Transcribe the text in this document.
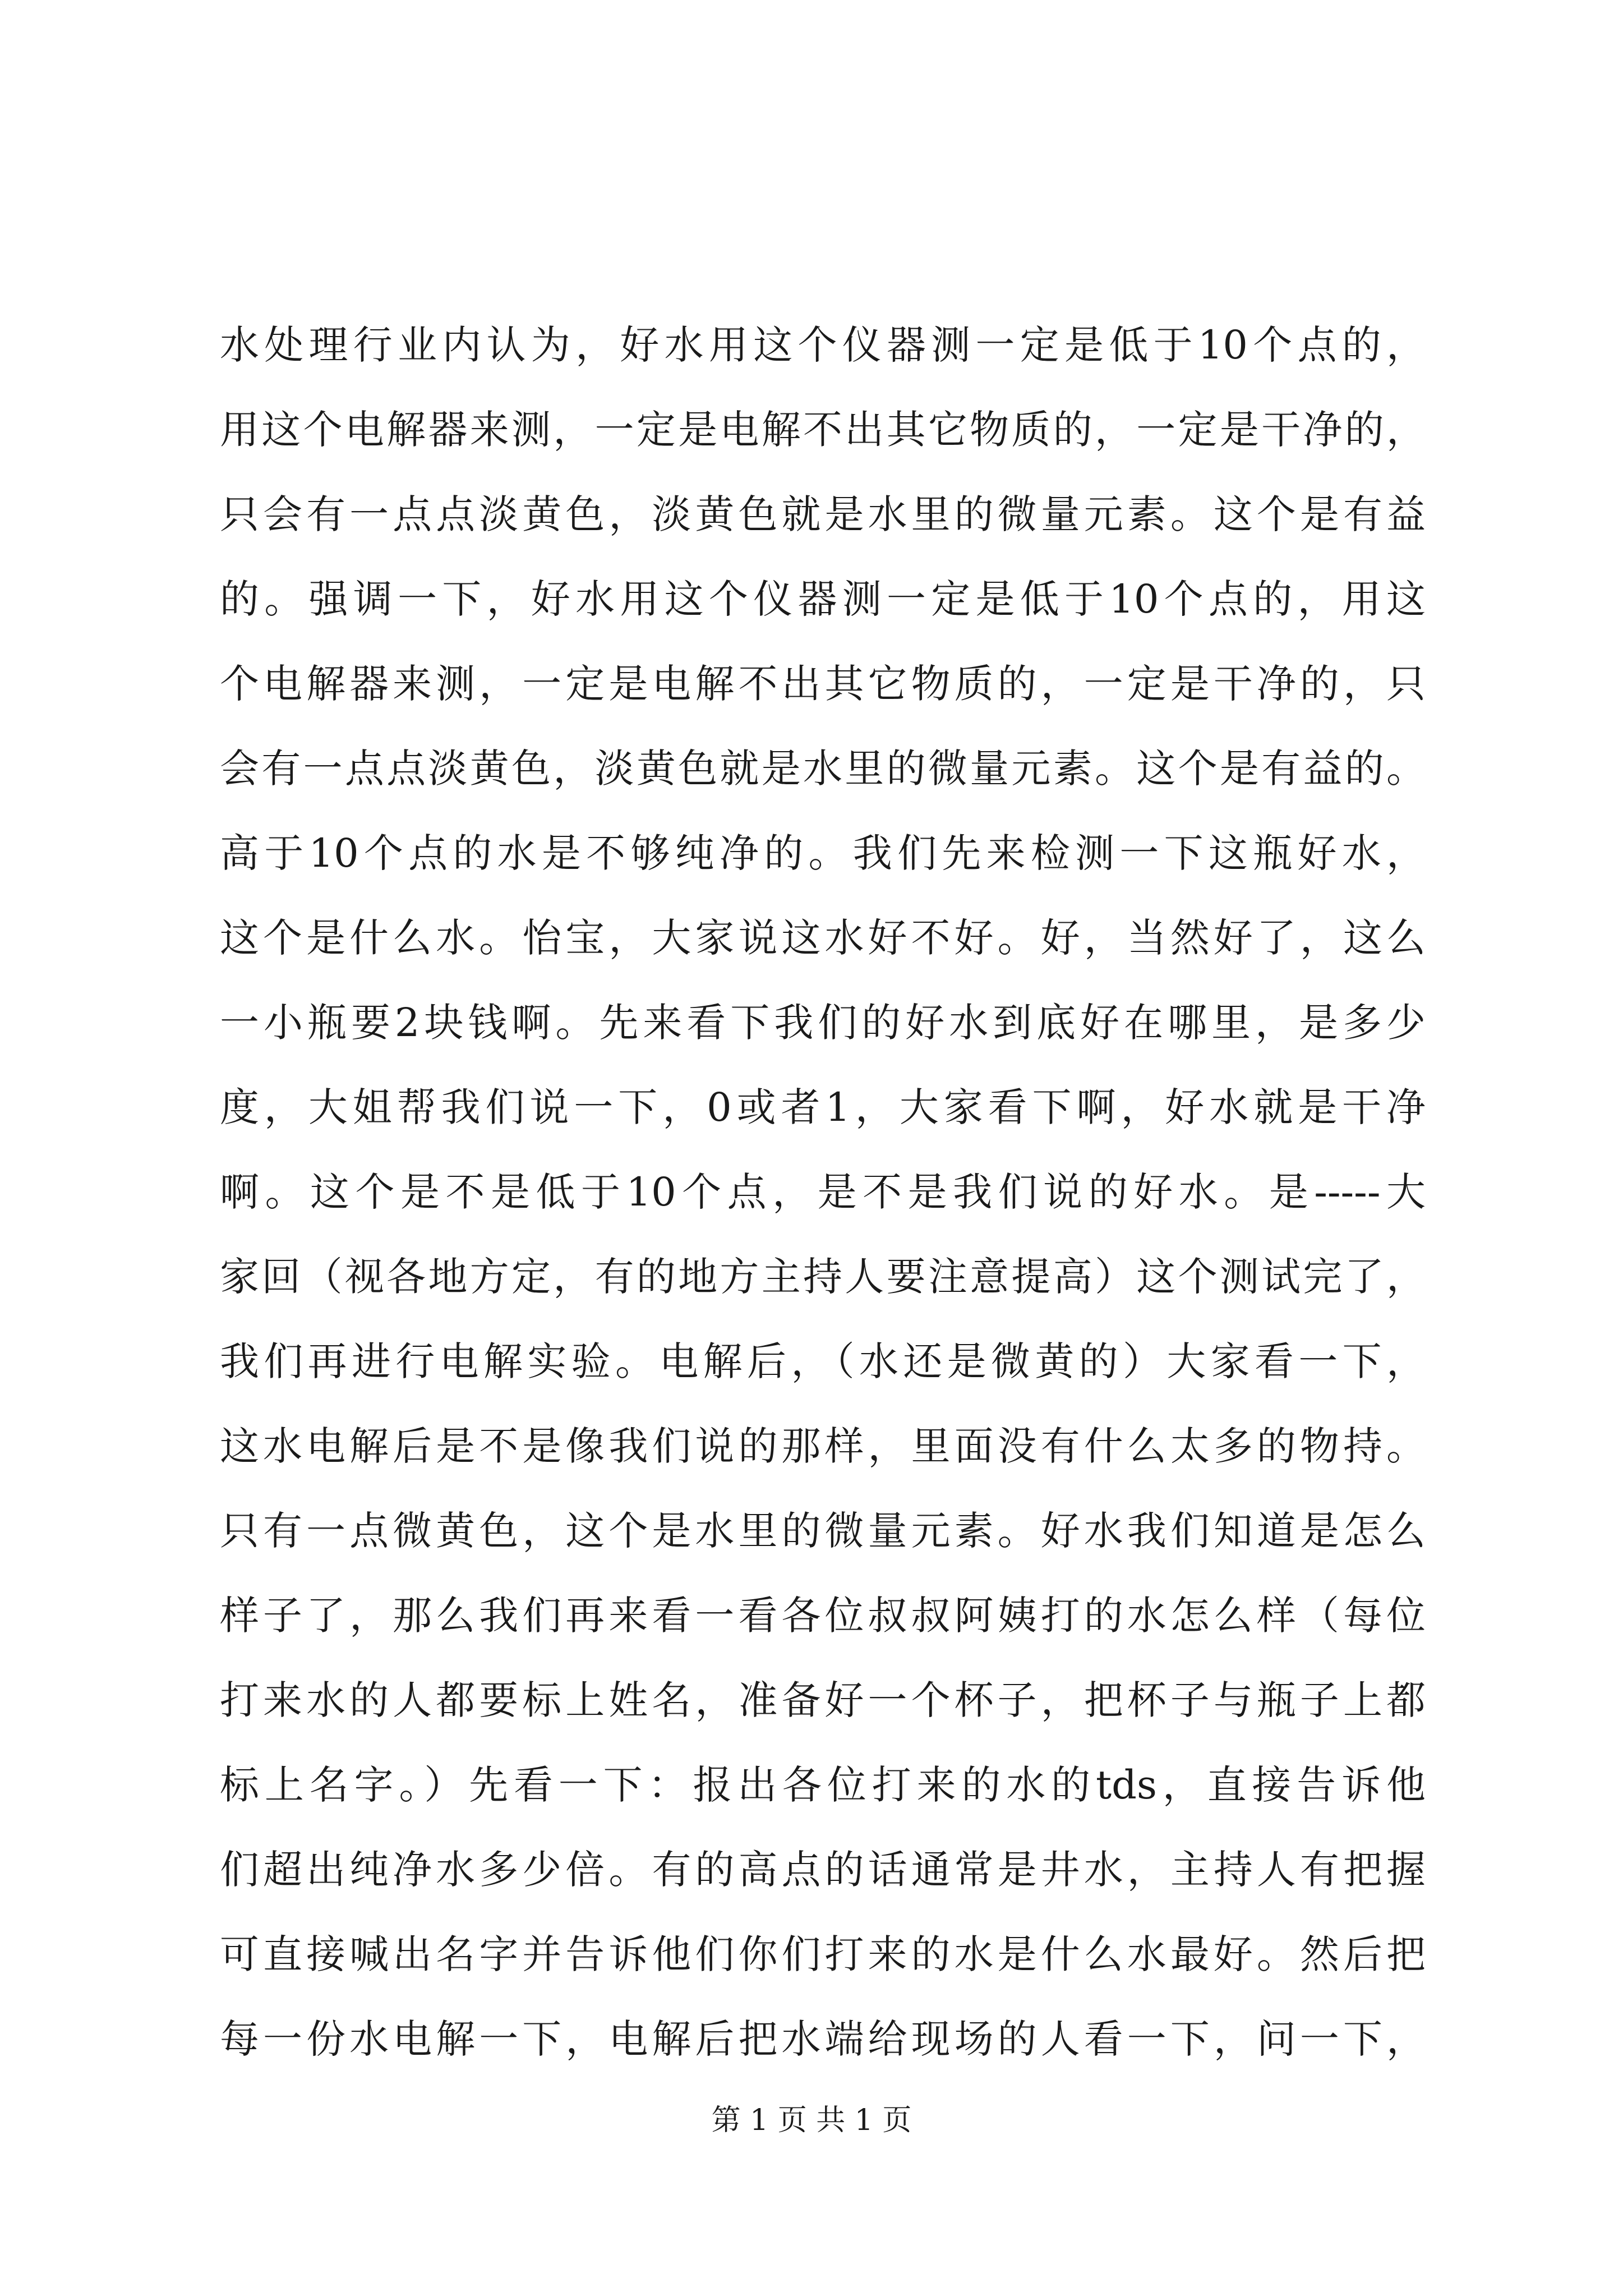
水处理行业内认为，好水用这个仪器测一定是低于10个点的，
用这个电解器来测，一定是电解不出其它物质的，一定是干净的，
只会有一点点淡黄色，淡黄色就是水里的微量元素。这个是有益
的。强调一下，好水用这个仪器测一定是低于10个点的，用这
个电解器来测，一定是电解不出其它物质的，一定是干净的，只
会有一点点淡黄色，淡黄色就是水里的微量元素。这个是有益的。
高于10个点的水是不够纯净的。我们先来检测一下这瓶好水，
这个是什么水。怡宝，大家说这水好不好。好，当然好了，这么
一小瓶要2块钱啊。先来看下我们的好水到底好在哪里，是多少
度，大姐帮我们说一下，0或者1，大家看下啊，好水就是干净
啊。这个是不是低于10个点，是不是我们说的好水。是-----大
家回（视各地方定，有的地方主持人要注意提高）这个测试完了，
我们再进行电解实验。电解后，（水还是微黄的）大家看一下，
这水电解后是不是像我们说的那样，里面没有什么太多的物持。
只有一点微黄色，这个是水里的微量元素。好水我们知道是怎么
样子了，那么我们再来看一看各位叔叔阿姨打的水怎么样（每位
打来水的人都要标上姓名，准备好一个杯子，把杯子与瓶子上都
标上名字。）先看一下：报出各位打来的水的tds，直接告诉他
们超出纯净水多少倍。有的高点的话通常是井水，主持人有把握
可直接喊出名字并告诉他们你们打来的水是什么水最好。然后把
每一份水电解一下，电解后把水端给现场的人看一下，问一下，
第 1 页 共 1 页
